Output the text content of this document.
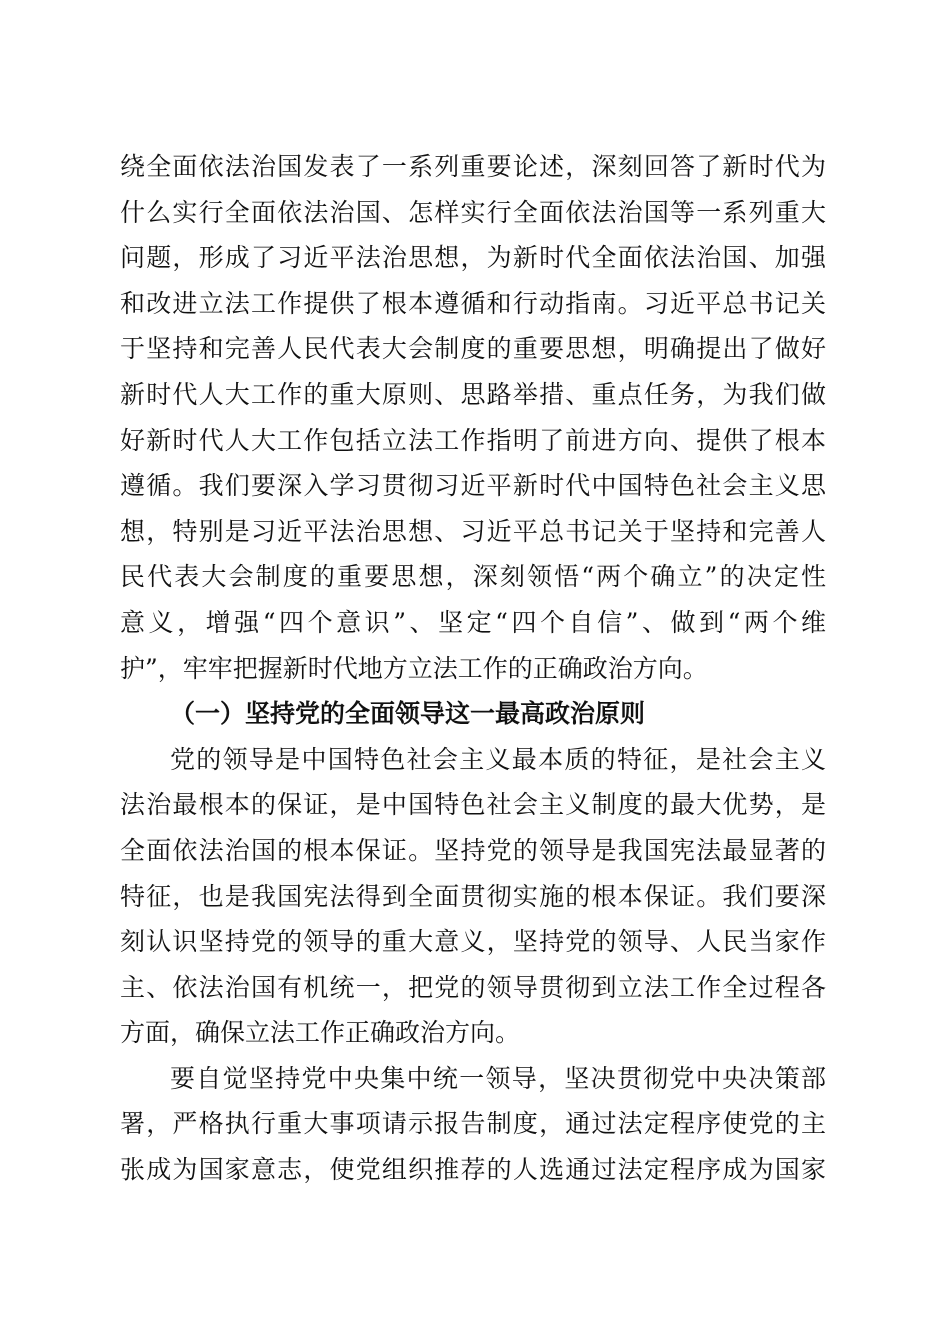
绕全面依法治国发表了一系列重要论述，深刻回答了新时代为

什么实行全面依法治国、怎样实行全面依法治国等一系列重大

问题，形成了习近平法治思想，为新时代全面依法治国、加强

和改进立法工作提供了根本遵循和行动指南。习近平总书记关

于坚持和完善人民代表大会制度的重要思想，明确提出了做好

新时代人大工作的重大原则、思路举措、重点任务，为我们做

好新时代人大工作包括立法工作指明了前进方向、提供了根本

遵循。我们要深入学习贯彻习近平新时代中国特色社会主义思

想，特别是习近平法治思想、习近平总书记关于坚持和完善人

民代表大会制度的重要思想，深刻领悟“两个确立”的决定性

意义，增强“四个意识”、坚定“四个自信”、做到“两个维

护”，牢牢把握新时代地方立法工作的正确政治方向。

（一）坚持党的全面领导这一最高政治原则

党的领导是中国特色社会主义最本质的特征，是社会主义

法治最根本的保证，是中国特色社会主义制度的最大优势，是

全面依法治国的根本保证。坚持党的领导是我国宪法最显著的

特征，也是我国宪法得到全面贯彻实施的根本保证。我们要深

刻认识坚持党的领导的重大意义，坚持党的领导、人民当家作

主、依法治国有机统一，把党的领导贯彻到立法工作全过程各

方面，确保立法工作正确政治方向。

要自觉坚持党中央集中统一领导，坚决贯彻党中央决策部

署，严格执行重大事项请示报告制度，通过法定程序使党的主

张成为国家意志，使党组织推荐的人选通过法定程序成为国家
